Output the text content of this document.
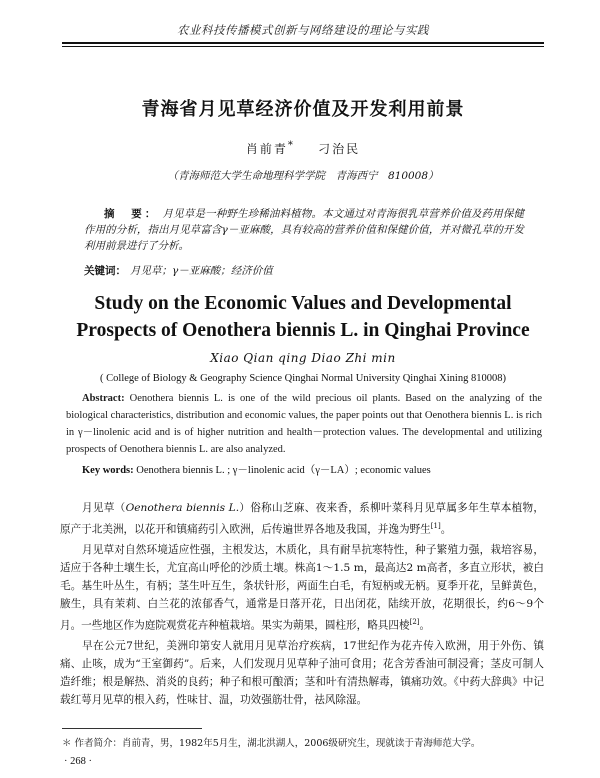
农业科技传播模式创新与网络建设的理论与实践
青海省月见草经济价值及开发利用前景
肖前青* 刁治民
（青海师范大学生命地理科学学院　青海西宁　810008）
摘　要： 月见草是一种野生珍稀油料植物。本文通过对青海很乳草营养价值及药用保健作用的分析，指出月见草富含γ－亚麻酸，具有较高的营养价值和保健价值，并对微孔草的开发利用前景进行了分析。
关键词： 月见草；γ－亚麻酸；经济价值
Study on the Economic Values and Developmental
Prospects of Oenothera biennis L. in Qinghai Province
Xiao Qian qing Diao Zhi min
( College of Biology & Geography Science Qinghai Normal University Qinghai Xining 810008)
Abstract: Oenothera biennis L. is one of the wild precious oil plants. Based on the analyzing of the biological characteristics, distribution and economic values, the paper points out that Oenothera biennis L. is rich in γ－linolenic acid and is of higher nutrition and health－protection values. The developmental and utilizing prospects of Oenothera biennis L. are also analyzed.
Key words: Oenothera biennis L. ; γ－linolenic acid（γ－LA）; economic values

月见草（Oenothera biennis L.）俗称山芝麻、夜来香，系柳叶菜科月见草属多年生草本植物，原产于北美洲，以花开和镇痛药引入欧洲，后传遍世界各地及我国，并逸为野生[1]。

月见草对自然环境适应性强，主根发达，木质化，具有耐旱抗寒特性，种子繁殖力强，栽培容易，适应于各种土壤生长，尤宜高山呼伦的沙质土壤。株高1～1.5 m，最高达2 m高者，多直立形状，被白毛。基生叶丛生，有柄；茎生叶互生，条状针形，两面生白毛，有短柄或无柄。夏季开花，呈鲜黄色，腋生，具有茉莉、白兰花的浓郁香气，通常是日落开花，日出闭花，陆续开放，花期很长，约6～9个月。一些地区作为庭院观赏花卉种植栽培。果实为蒴果，圆柱形，略具四棱[2]。

早在公元7世纪，美洲印第安人就用月见草治疗疾病，17世纪作为花卉传入欧洲，用于外伤、镇痛、止咳，成为“王室御药”。后来，人们发现月见草种子油可食用；花含芳香油可制浸膏；茎皮可制人造纤维；根是解热、消炎的良药；种子和根可酿酒；茎和叶有清热解毒，镇痛功效。《中药大辞典》中记载红萼月见草的根入药，性味甘、温，功效强筋壮骨，祛风除湿。

＊ 作者简介：肖前青，男，1982年5月生，湖北洪湖人，2006级研究生，现就读于青海师范大学。
· 268 ·
